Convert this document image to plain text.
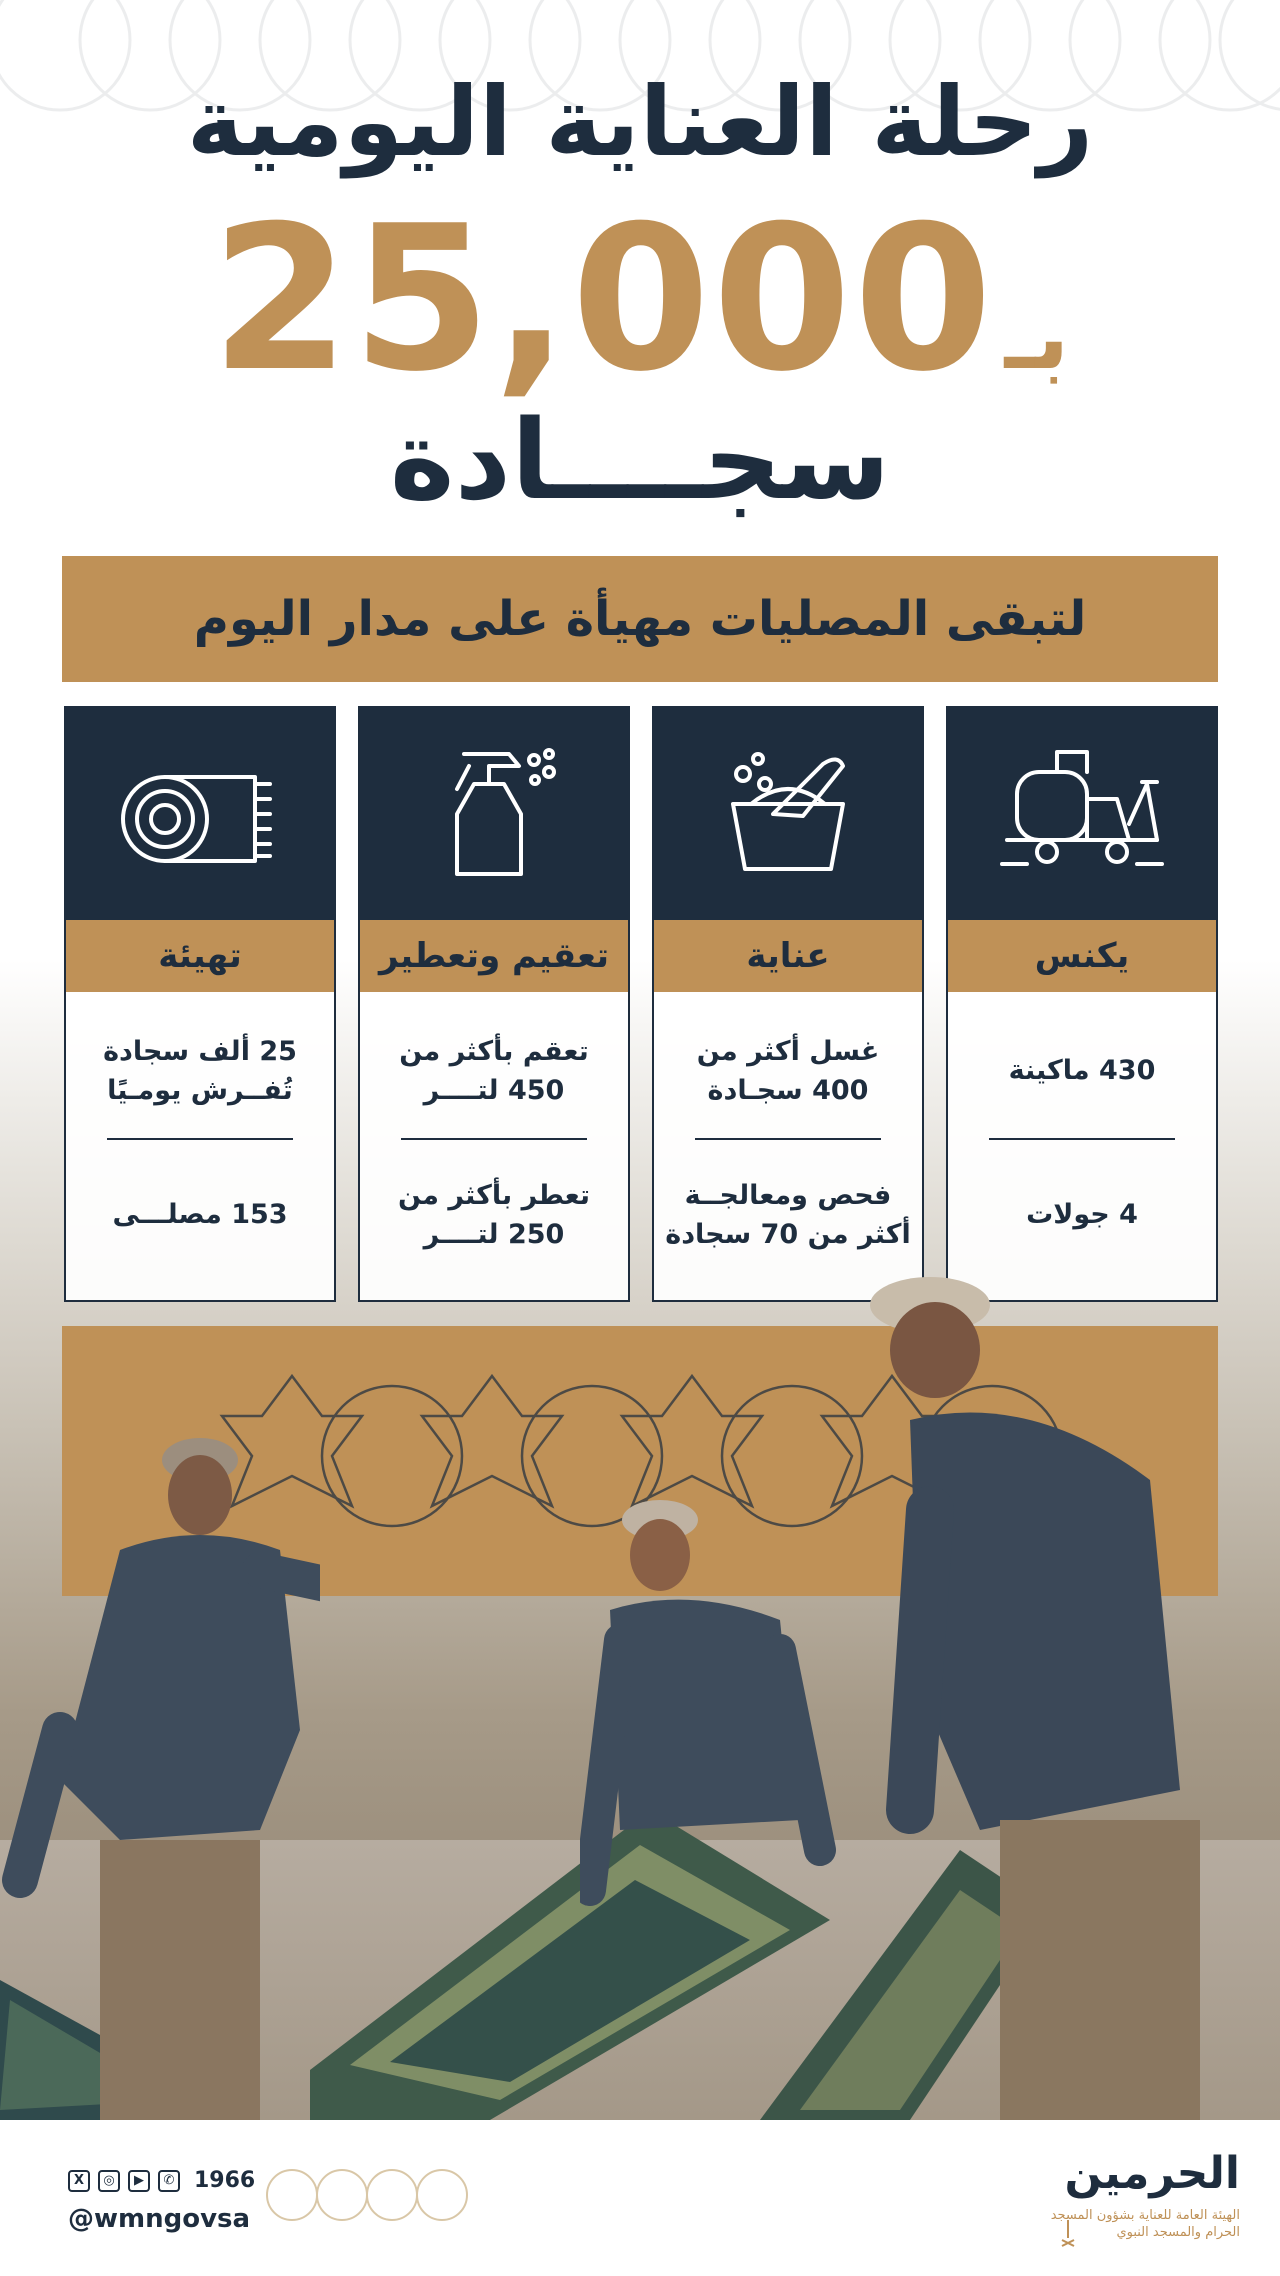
رحلة العناية اليومية
25,000 بـ
سجــــادة
لتبقى المصليات مهيأة على مدار اليوم
يكنس
430 ماكينة
4 جولات
عناية
غسل أكثر من
400 سجـادة
فحص ومعالجــة
أكثر من 70 سجادة
تعقيم وتعطير
تعقم بأكثر من
450 لتــــر
تعطر بأكثر من
250 لتــــر
تهيئة
25 ألف سجادة
تُفــرش يومـيًا
153 مصلـــى
X	◎	▶	✆ 1966
@wmngovsa
الحرمين
الهيئة العامة للعناية بشؤون المسجد الحرام والمسجد النبوي
